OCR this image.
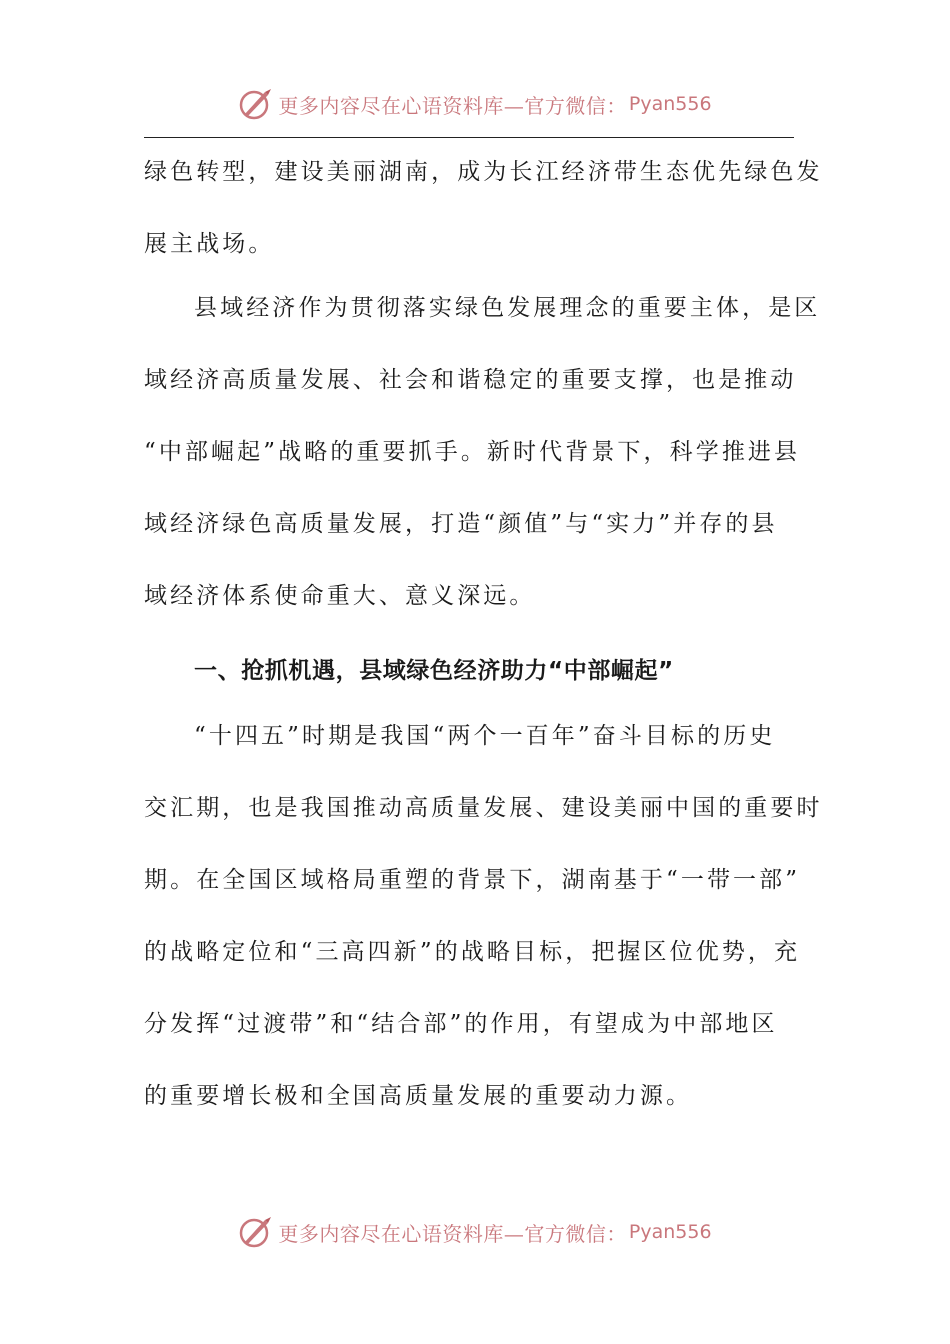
更多内容尽在心语资料库—官方微信： Pyan556
绿色转型，建设美丽湖南，成为长江经济带生态优先绿色发
展主战场。
县域经济作为贯彻落实绿色发展理念的重要主体，是区
域经济高质量发展、社会和谐稳定的重要支撑，也是推动
“中部崛起”战略的重要抓手。新时代背景下，科学推进县
域经济绿色高质量发展，打造“颜值”与“实力”并存的县
域经济体系使命重大、意义深远。
一、抢抓机遇，县域绿色经济助力“中部崛起”
“十四五”时期是我国“两个一百年”奋斗目标的历史
交汇期，也是我国推动高质量发展、建设美丽中国的重要时
期。在全国区域格局重塑的背景下，湖南基于“一带一部”
的战略定位和“三高四新”的战略目标，把握区位优势，充
分发挥“过渡带”和“结合部”的作用，有望成为中部地区
的重要增长极和全国高质量发展的重要动力源。
更多内容尽在心语资料库—官方微信： Pyan556
